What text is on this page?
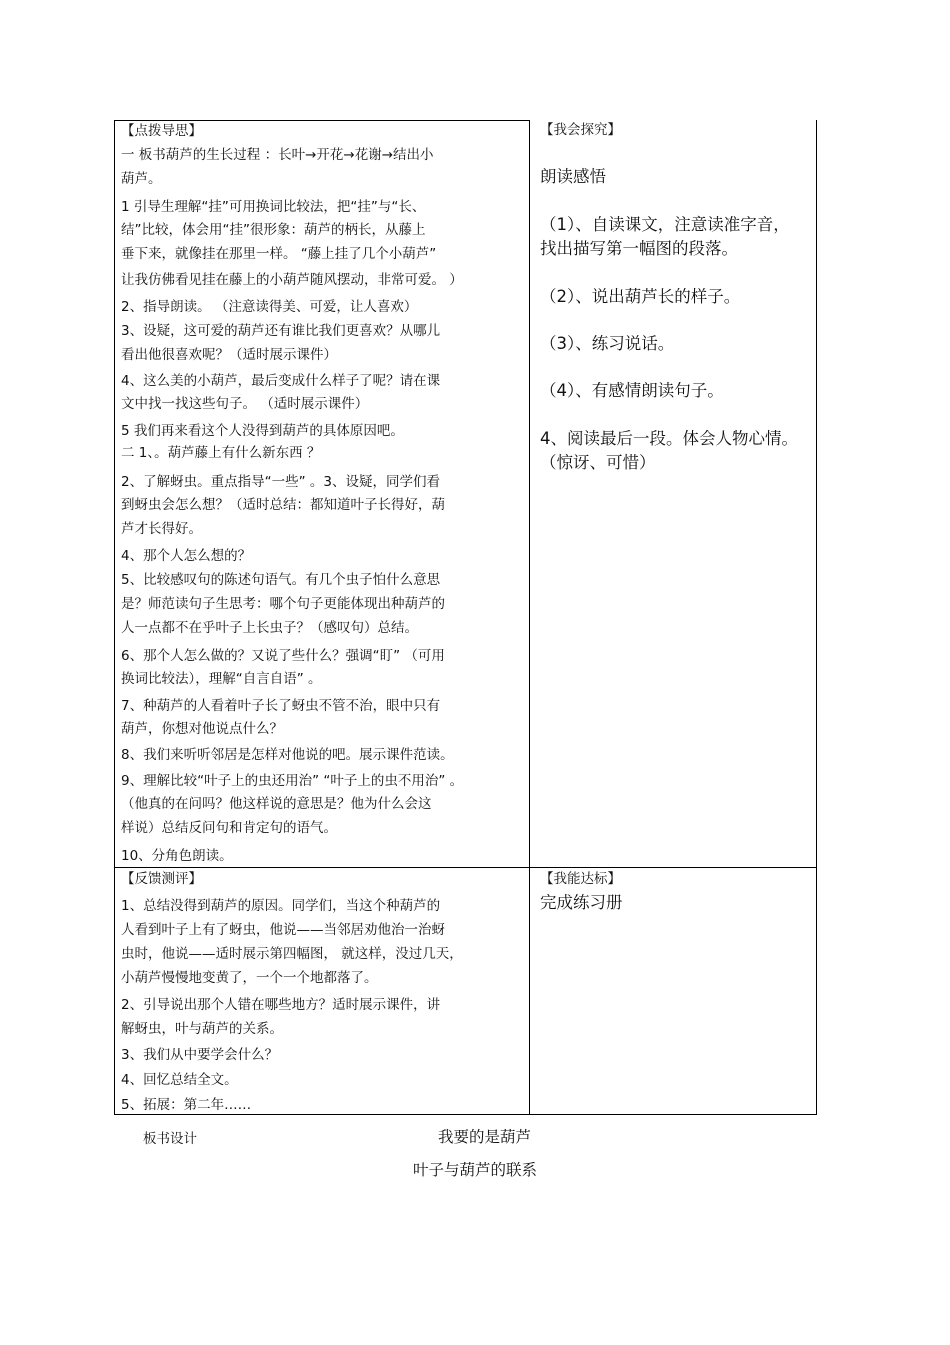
【点拨导思】
一 板书葫芦的生长过程 ：长叶→开花→花谢→结出小
葫芦。
1 引导生理解“挂”可用换词比较法，把“挂”与“长、
结”比较，体会用“挂”很形象：葫芦的柄长，从藤上
垂下来，就像挂在那里一样。 “藤上挂了几个小葫芦”
让我仿佛看见挂在藤上的小葫芦随风摆动，非常可爱。 ）
2、指导朗读。 （注意读得美、可爱，让人喜欢）
3、设疑，这可爱的葫芦还有谁比我们更喜欢？从哪儿
看出他很喜欢呢？（适时展示课件）
4、这么美的小葫芦，最后变成什么样子了呢？请在课
文中找一找这些句子。 （适时展示课件）
5 我们再来看这个人没得到葫芦的具体原因吧。
二 1、。葫芦藤上有什么新东西 ？
2、了解蚜虫。重点指导“一些” 。3、设疑，同学们看
到蚜虫会怎么想？（适时总结：都知道叶子长得好，葫
芦才长得好。
4、那个人怎么想的？
5、比较感叹句的陈述句语气。有几个虫子怕什么意思
是？师范读句子生思考：哪个句子更能体现出种葫芦的
人一点都不在乎叶子上长虫子？（感叹句）总结。
6、那个人怎么做的？又说了些什么？强调“盯” （可用
换词比较法），理解“自言自语” 。
7、种葫芦的人看着叶子长了蚜虫不管不治，眼中只有
葫芦，你想对他说点什么？
8、我们来听听邻居是怎样对他说的吧。展示课件范读。
9、理解比较“叶子上的虫还用治” “叶子上的虫不用治” 。
（他真的在问吗？他这样说的意思是？他为什么会这
样说）总结反问句和肯定句的语气。
10、分角色朗读。
【我会探究】
朗读感悟
（1）、自读课文，注意读准字音，
找出描写第一幅图的段落。
（2）、说出葫芦长的样子。
（3）、练习说话。
（4）、有感情朗读句子。
4、阅读最后一段。体会人物心情。
（惊讶、可惜）
【反馈测评】
1、总结没得到葫芦的原因。同学们，当这个种葫芦的
人看到叶子上有了蚜虫，他说——当邻居劝他治一治蚜
虫时，他说——适时展示第四幅图， 就这样，没过几天，
小葫芦慢慢地变黄了，一个一个地都落了。
2、引导说出那个人错在哪些地方？适时展示课件，讲
解蚜虫，叶与葫芦的关系。
3、我们从中要学会什么？
4、回忆总结全文。
5、拓展：第二年……
【我能达标】
完成练习册
板书设计	我要的是葫芦
叶子与葫芦的联系
